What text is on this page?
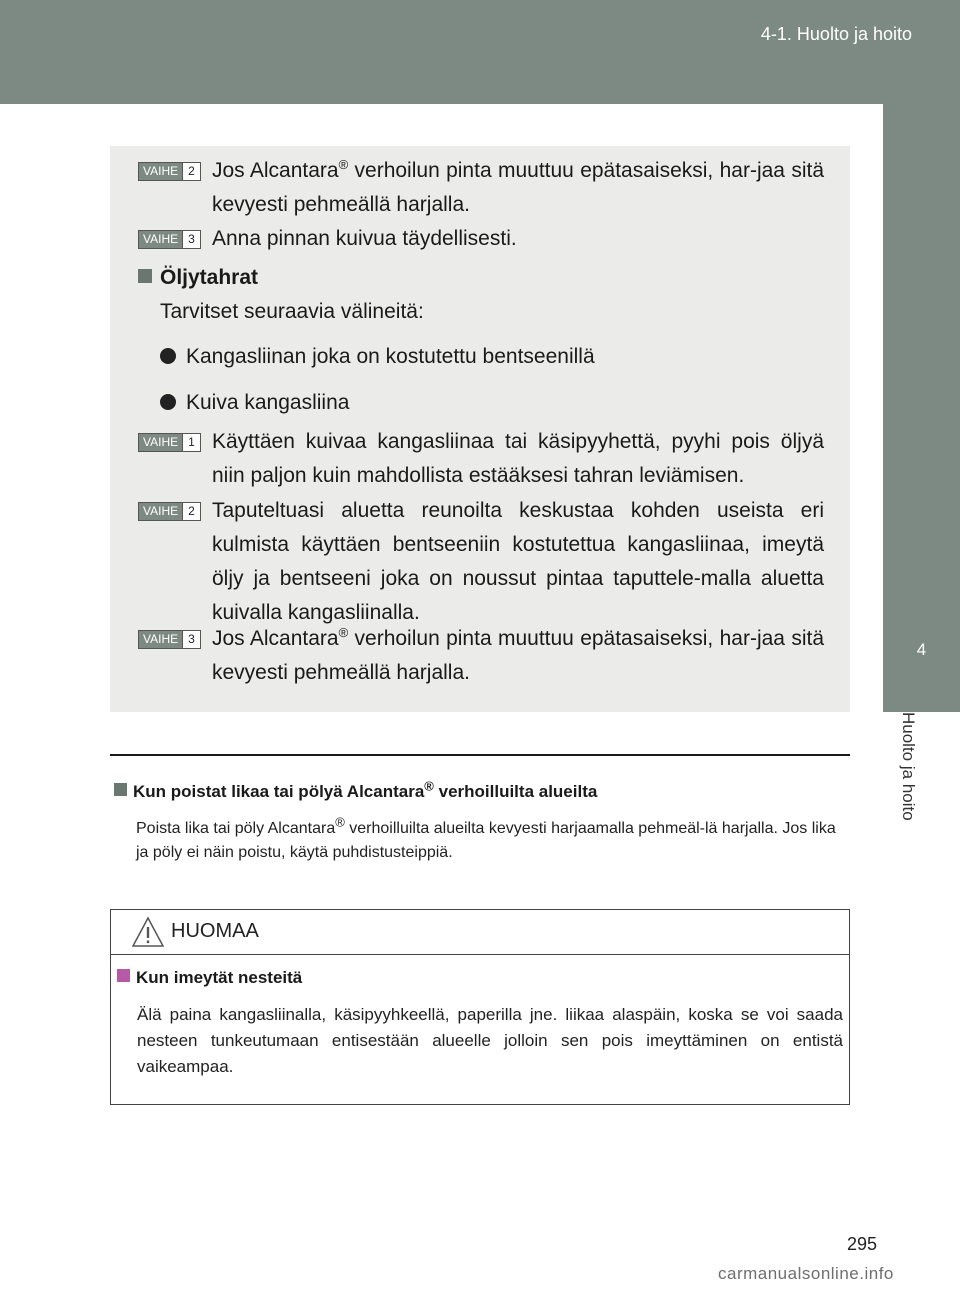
4-1. Huolto ja hoito
4
Huolto ja hoito
VAIHE 2 Jos Alcantara® verhoilun pinta muuttuu epätasaiseksi, har-jaa sitä kevyesti pehmeällä harjalla.
VAIHE 3 Anna pinnan kuivua täydellisesti.
Öljytahrat
Tarvitset seuraavia välineitä:
Kangasliinan joka on kostutettu bentseenillä
Kuiva kangasliina
VAIHE 1 Käyttäen kuivaa kangasliinaa tai käsipyyhettä, pyyhi pois öljyä niin paljon kuin mahdollista estääksesi tahran leviämisen.
VAIHE 2 Taputeltuasi aluetta reunoilta keskustaa kohden useista eri kulmista käyttäen bentseeniin kostutettua kangasliinaa, imeytä öljy ja bentseeni joka on noussut pintaa taputtele-malla aluetta kuivalla kangasliinalla.
VAIHE 3 Jos Alcantara® verhoilun pinta muuttuu epätasaiseksi, har-jaa sitä kevyesti pehmeällä harjalla.
Kun poistat likaa tai pölyä Alcantara® verhoilluilta alueilta
Poista lika tai pöly Alcantara® verhoilluilta alueilta kevyesti harjaamalla pehmeäl-lä harjalla. Jos lika ja pöly ei näin poistu, käytä puhdistusteippiä.
HUOMAA
Kun imeytät nesteitä
Älä paina kangasliinalla, käsipyyhkeellä, paperilla jne. liikaa alaspäin, koska se voi saada nesteen tunkeutumaan entisestään alueelle jolloin sen pois imeyttäminen on entistä vaikeampaa.
295
carmanualsonline.info
